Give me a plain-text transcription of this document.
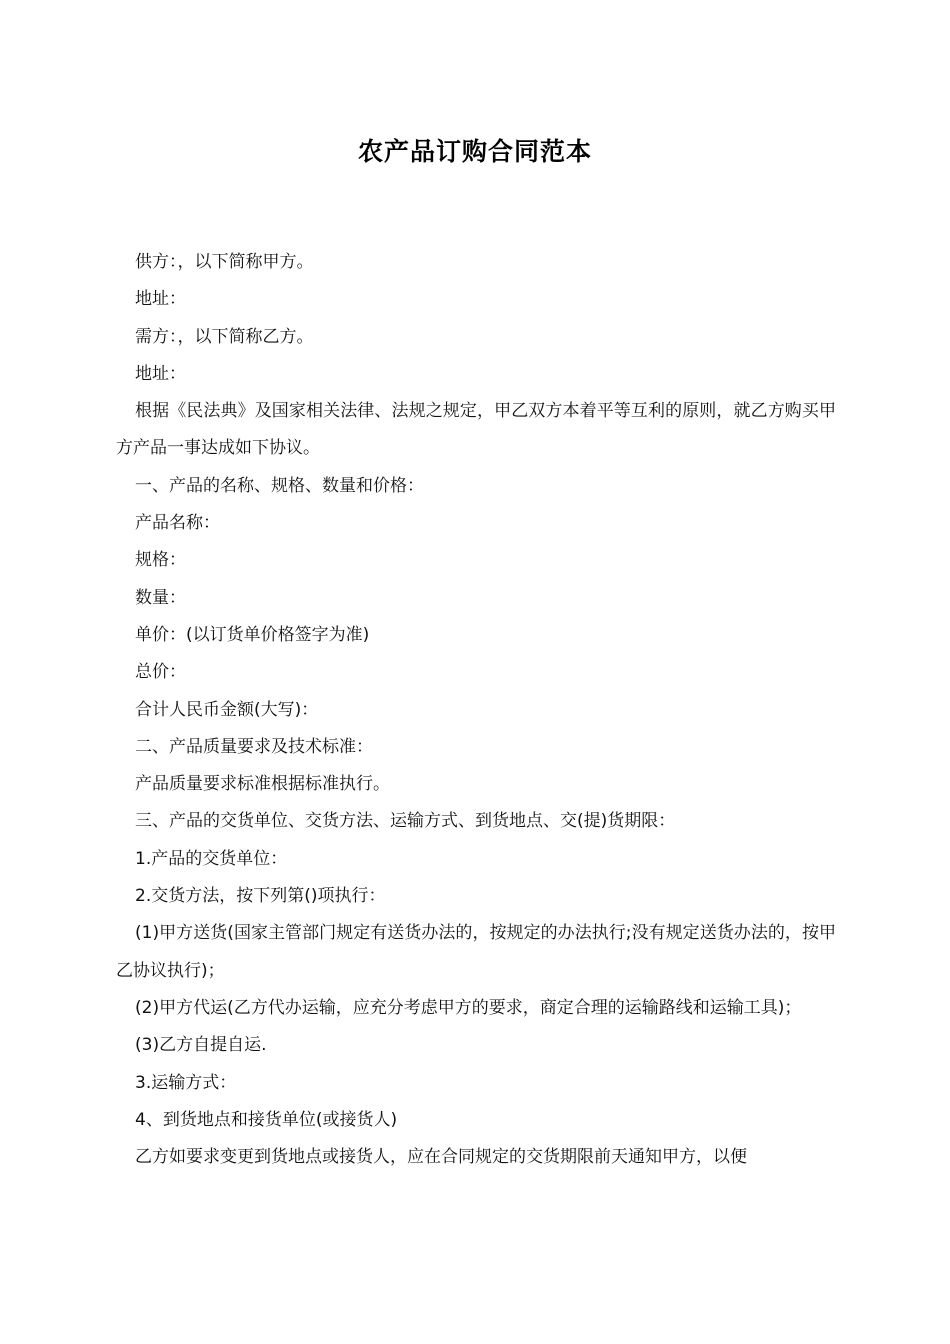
农产品订购合同范本

供方：，以下简称甲方。

地址：

需方：，以下简称乙方。

地址：

根据《民法典》及国家相关法律、法规之规定，甲乙双方本着平等互利的原则，就乙方购买甲方产品一事达成如下协议。

一、产品的名称、规格、数量和价格：

产品名称：

规格：

数量：

单价：(以订货单价格签字为准)

总价：

合计人民币金额(大写)：

二、产品质量要求及技术标准：

产品质量要求标准根据标准执行。

三、产品的交货单位、交货方法、运输方式、到货地点、交(提)货期限：

1.产品的交货单位：

2.交货方法，按下列第()项执行：

(1)甲方送货(国家主管部门规定有送货办法的，按规定的办法执行;没有规定送货办法的，按甲乙协议执行)；

(2)甲方代运(乙方代办运输，应充分考虑甲方的要求，商定合理的运输路线和运输工具)；

(3)乙方自提自运.

3.运输方式：

4、到货地点和接货单位(或接货人)

乙方如要求变更到货地点或接货人，应在合同规定的交货期限前天通知甲方，以便
